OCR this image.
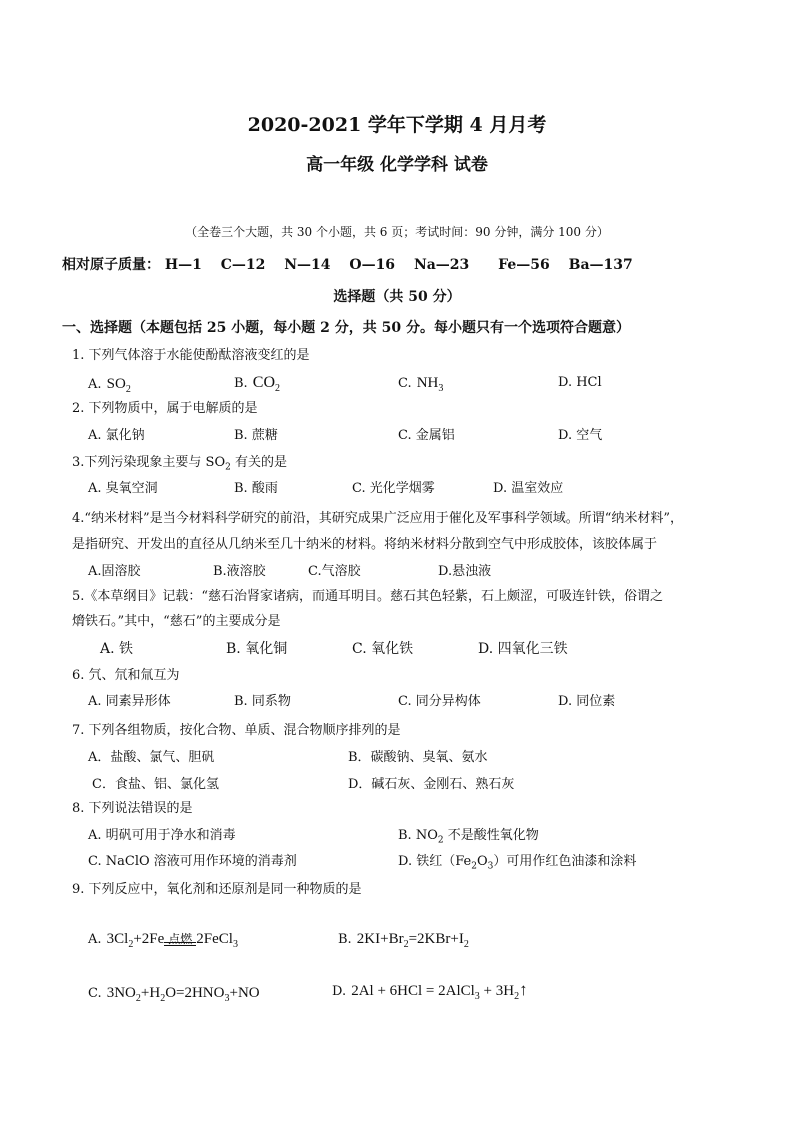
2020-2021 学年下学期 4 月月考
高一年级 化学学科 试卷
（全卷三个大题，共 30 个小题，共 6 页；考试时间：90 分钟，满分 100 分）
相对原子质量： H—1 C—12 N—14 O—16 Na—23 Fe—56 Ba—137
选择题（共 50 分）
一、选择题（本题包括 25 小题，每小题 2 分，共 50 分。每小题只有一个选项符合题意）
1. 下列气体溶于水能使酚酞溶液变红的是
A. $SO_2$	B. $CO_2$	C. $NH_3$	D. HCl
2. 下列物质中，属于电解质的是
A. 氯化钠	B. 蔗糖	C. 金属铝	D. 空气
3.下列污染现象主要与 $SO_2$ 有关的是
A. 臭氧空洞	B. 酸雨	C. 光化学烟雾	D. 温室效应
4.“纳米材料”是当今材料科学研究的前沿，其研究成果广泛应用于催化及军事科学领域。所谓“纳米材料”，
是指研究、开发出的直径从几纳米至几十纳米的材料。将纳米材料分散到空气中形成胶体，该胶体属于
A.固溶胶	B.液溶胶	C.气溶胶	D.悬浊液
5.《本草纲目》记载：“慈石治肾家诸病，而通耳明目。慈石其色轻紫，石上颇涩，可吸连针铁，俗谓之
熁铁石。”其中，“慈石”的主要成分是
A. 铁	B. 氧化铜	C. 氧化铁	D. 四氧化三铁
6. 氕、氘和氚互为
A. 同素异形体	B. 同系物	C. 同分异构体	D. 同位素
7. 下列各组物质，按化合物、单质、混合物顺序排列的是
A．盐酸、氯气、胆矾	B．碳酸钠、臭氧、氨水
C．食盐、铝、氯化氢	D．碱石灰、金刚石、熟石灰
8. 下列说法错误的是
A. 明矾可用于净水和消毒	B. $NO_2$ 不是酸性氧化物
C. NaClO 溶液可用作环境的消毒剂	D. 铁红$(Fe_2O_3)$可用作红色油漆和涂料
9. 下列反应中，氧化剂和还原剂是同一种物质的是
A. $3Cl_2+2Fe$ 点燃 2FeCl$_3$	B. $2KI+Br_2=2KBr+I_2$
C. $3NO_2+H_2O=2HNO_3+NO$	D. 2Al + 6HCl = 2AlCl$_3$ + $3H_2↑$
